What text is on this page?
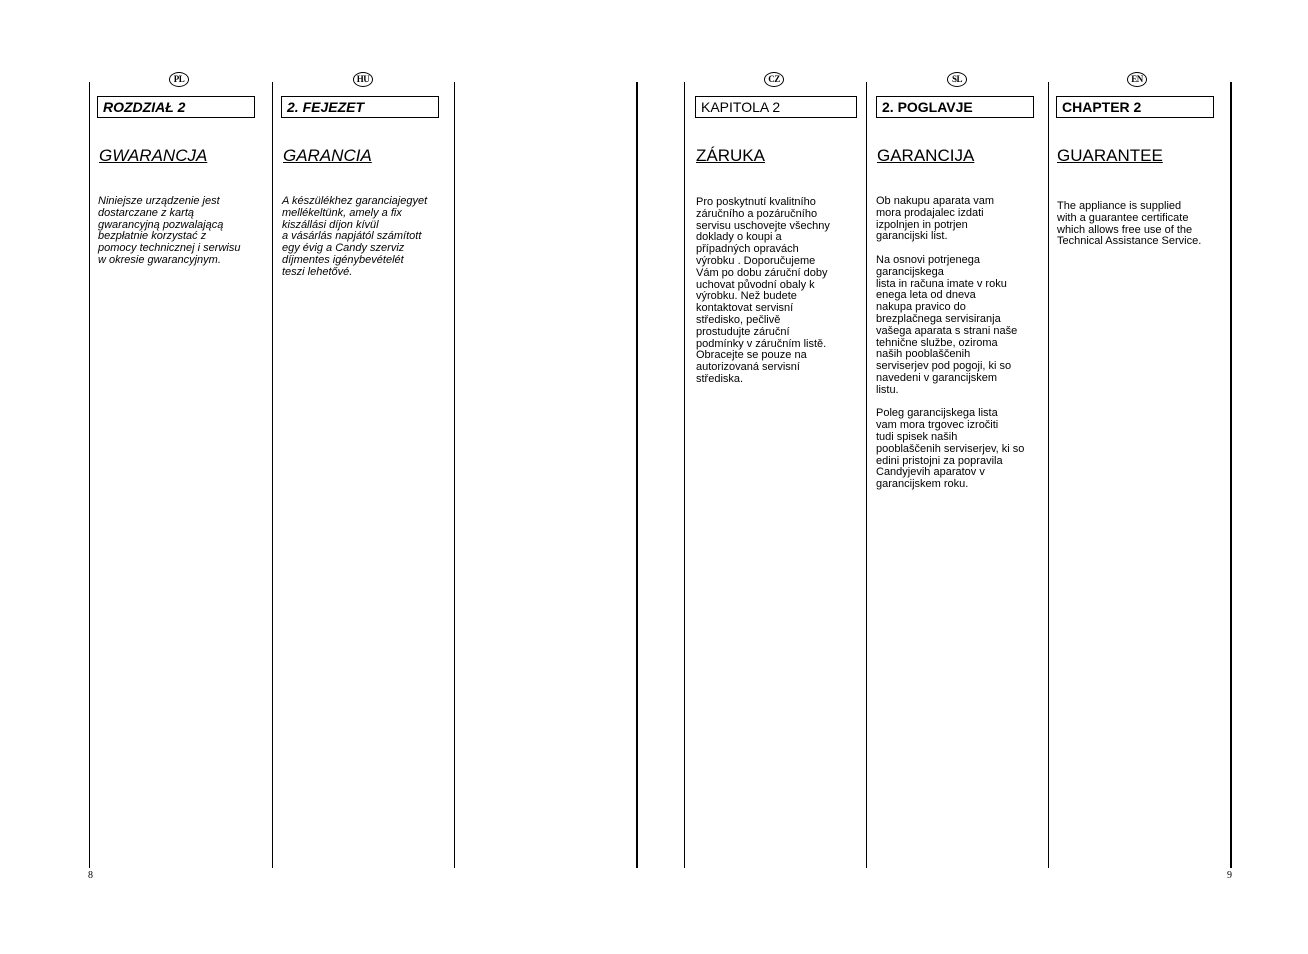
PL
ROZDZIAŁ 2
GWARANCJA

Niniejsze urządzenie jest
dostarczane z kartą
gwarancyjną pozwalającą
bezpłatnie korzystać z
pomocy technicznej i serwisu
w okresie gwarancyjnym.

HU
2. FEJEZET
GARANCIA

A készülékhez garanciajegyet
mellékeltünk, amely a fix
kiszállási díjon kívül
a vásárlás napjától számított
egy évig a Candy szerviz
díjmentes igénybevételét
teszi lehetővé.

CZ
KAPITOLA 2
ZÁRUKA

Pro poskytnutí kvalitního
záručního a pozáručního
servisu uschovejte všechny
doklady o koupi a
případných opravách
výrobku . Doporučujeme
Vám po dobu záruční doby
uchovat původní obaly k
výrobku. Než budete
kontaktovat servisní
středisko, pečlivě
prostudujte záruční
podmínky v záručním listě.
Obracejte se pouze na
autorizovaná servisní
střediska.

SL
2. POGLAVJE
GARANCIJA

Ob nakupu aparata vam
mora prodajalec izdati
izpolnjen in potrjen
garancijski list.

Na osnovi potrjenega
garancijskega
lista in računa imate v roku
enega leta od dneva
nakupa pravico do
brezplačnega servisiranja
vašega aparata s strani naše
tehnične službe, oziroma
naših pooblaščenih
serviserjev pod pogoji, ki so
navedeni v garancijskem
listu.

Poleg garancijskega lista
vam mora trgovec izročiti
tudi spisek naših
pooblaščenih serviserjev, ki so
edini pristojni za popravila
Candyjevih aparatov v
garancijskem roku.

EN
CHAPTER 2
GUARANTEE

The appliance is supplied
with a guarantee certificate
which allows free use of the
Technical Assistance Service.

8	9
